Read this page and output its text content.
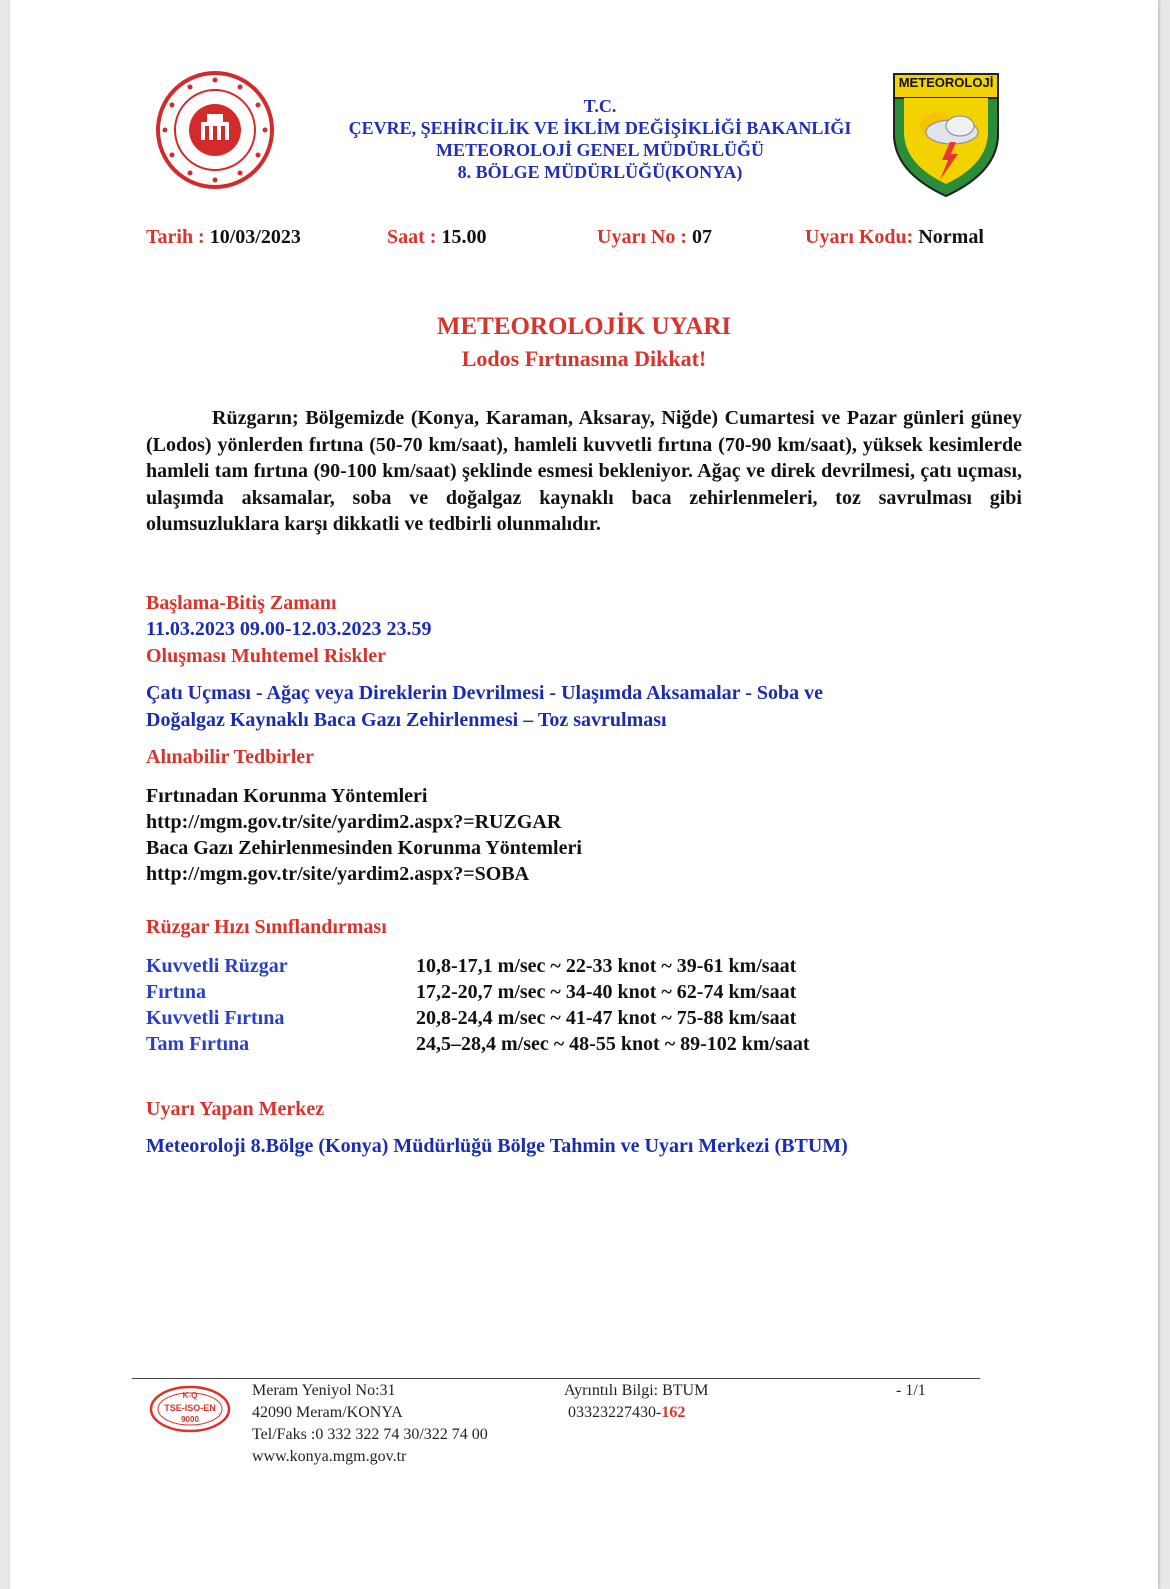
T.C.
ÇEVRE, ŞEHİRCİLİK VE İKLİM DEĞİŞİKLİĞİ BAKANLIĞI
METEOROLOJİ GENEL MÜDÜRLÜĞÜ
8. BÖLGE MÜDÜRLÜĞÜ(KONYA)
METEOROLOJİ
Tarih : 10/03/2023	Saat : 15.00	Uyarı No : 07	Uyarı Kodu: Normal
METEOROLOJİK UYARI
Lodos Fırtınasına Dikkat!
Rüzgarın; Bölgemizde (Konya, Karaman, Aksaray, Niğde) Cumartesi ve Pazar günleri güney (Lodos) yönlerden fırtına (50-70 km/saat), hamleli kuvvetli fırtına (70-90 km/saat), yüksek kesimlerde hamleli tam fırtına (90-100 km/saat) şeklinde esmesi bekleniyor. Ağaç ve direk devrilmesi, çatı uçması, ulaşımda aksamalar, soba ve doğalgaz kaynaklı baca zehirlenmeleri, toz savrulması gibi olumsuzluklara karşı dikkatli ve tedbirli olunmalıdır.
Başlama-Bitiş Zamanı
11.03.2023 09.00-12.03.2023 23.59
Oluşması Muhtemel Riskler
Çatı Uçması - Ağaç veya Direklerin Devrilmesi - Ulaşımda Aksamalar - Soba ve
Doğalgaz Kaynaklı Baca Gazı Zehirlenmesi – Toz savrulması
Alınabilir Tedbirler
Fırtınadan Korunma Yöntemleri
http://mgm.gov.tr/site/yardim2.aspx?=RUZGAR
Baca Gazı Zehirlenmesinden Korunma Yöntemleri
http://mgm.gov.tr/site/yardim2.aspx?=SOBA
Rüzgar Hızı Sınıflandırması
Kuvvetli Rüzgar	10,8-17,1 m/sec ~ 22-33 knot ~ 39-61 km/saat
Fırtına	17,2-20,7 m/sec ~ 34-40 knot ~ 62-74 km/saat
Kuvvetli Fırtına	20,8-24,4 m/sec ~ 41-47 knot ~ 75-88 km/saat
Tam Fırtına	24,5–28,4 m/sec ~ 48-55 knot ~ 89-102 km/saat
Uyarı Yapan Merkez
Meteoroloji 8.Bölge (Konya) Müdürlüğü Bölge Tahmin ve Uyarı Merkezi (BTUM)
K-Q
TSE-ISO-EN
9000
Meram Yeniyol No:31
42090 Meram/KONYA
Tel/Faks :0 332 322 74 30/322 74 00
www.konya.mgm.gov.tr
Ayrıntılı Bilgi: BTUM
03323227430-162
- 1/1
